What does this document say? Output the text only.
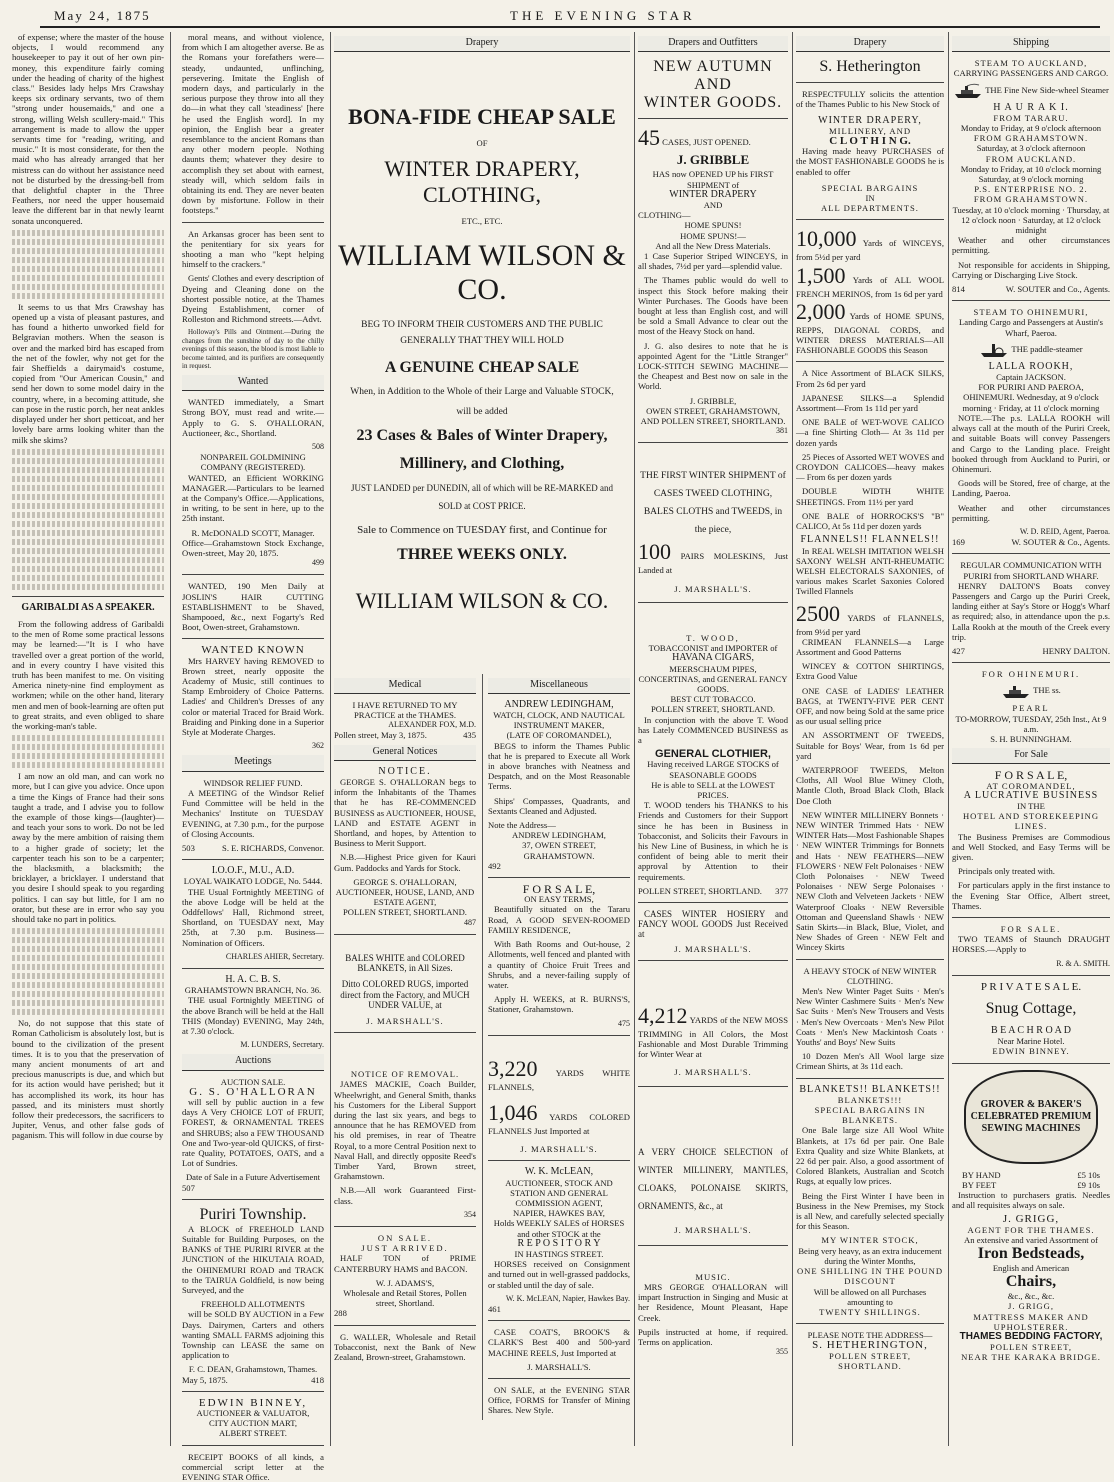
May 24, 1875	THE EVENING STAR

of expense; where the master of the house objects, I would recommend any housekeeper to pay it out of her own pin-money, this expenditure fairly coming under the heading of charity of the highest class." Besides lady helps Mrs Crawshay keeps six ordinary servants, two of them "strong under housemaids," and one a strong, willing Welsh scullery-maid." This arrangement is made to allow the upper servants time for "reading, writing, and music." It is most considerate, for then the maid who has already arranged that her mistress can do without her assistance need not be disturbed by the dressing-bell from that delightful chapter in the Three Feathers, nor need the upper housemaid leave the different bar in that newly learnt sonata unconquered.

It seems to us that Mrs Crawshay has opened up a vista of pleasant pastures, and has found a hitherto unworked field for Belgravian mothers. When the season is over and the marked bird has escaped from the net of the fowler, why not get for the fair Sheffields a dairymaid's costume, copied from "Our American Cousin," and send her down to some model dairy in the country, where, in a becoming attitude, she can pose in the rustic porch, her neat ankles displayed under her short petticoat, and her lovely bare arms looking whiter than the milk she skims?

GARIBALDI AS A SPEAKER.

From the following address of Garibaldi to the men of Rome some practical lessons may be learned:—"It is I who have travelled over a great portion of the world, and in every country I have visited this truth has been manifest to me. On visiting America ninety-nine find employment as workmen; while on the other hand, literary men and men of book-learning are often put to great straits, and even obliged to share the working-man's table.

I am now an old man, and can work no more, but I can give you advice. Once upon a time the Kings of France had their sons taught a trade, and I advise you to follow the example of those kings—(laughter)—and teach your sons to work. Do not be led away by the mere ambition of raising them to a higher grade of society; let the carpenter teach his son to be a carpenter; the blacksmith, a blacksmith; the bricklayer, a bricklayer. I understand that you desire I should speak to you regarding politics. I can say but little, for I am no orator, but these are in error who say you should take no part in politics.

No, do not suppose that this state of Roman Catholicism is absolutely lost, but is bound to the civilization of the present times. It is to you that the preservation of many ancient monuments of art and precious manuscripts is due, and which but for its action would have perished; but it has accomplished its work, its hour has passed, and its ministers must shortly follow their predecessors, the sacrificers to Jupiter, Venus, and other false gods of paganism. This will follow in due course by

moral means, and without violence, from which I am altogether averse. Be as the Romans your forefathers were—steady, undaunted, unflinching, persevering. Imitate the English of modern days, and particularly in the serious purpose they throw into all they do—in what they call 'steadiness' [here he used the English word]. In my opinion, the English bear a greater resemblance to the ancient Romans than any other modern people. Nothing daunts them; whatever they desire to accomplish they set about with earnest, steady will, which seldom fails in obtaining its end. They are never beaten down by misfortune. Follow in their footsteps."

An Arkansas grocer has been sent to the penitentiary for six years for shooting a man who "kept helping himself to the crackers."

Gents' Clothes and every description of Dyeing and Cleaning done on the shortest possible notice, at the Thames Dyeing Establishment, corner of Rolleston and Richmond streets.—Advt.

Holloway's Pills and Ointment.—During the changes from the sunshine of day to the chilly evenings of this season, the blood is most liable to become tainted, and its purifiers are consequently in request.

Wanted

WANTED immediately, a Smart Strong BOY, must read and write.—Apply to G. S. O'HALLORAN, Auctioneer, &c., Shortland.

508
NONPAREIL GOLDMINING COMPANY (REGISTERED).

WANTED, an Efficient WORKING MANAGER.—Particulars to be learned at the Company's Office.—Applications, in writing, to be sent in here, up to the 25th instant.

R. McDONALD SCOTT, Manager.
Office—Grahamstown Stock Exchange, Owen-street, May 20, 1875.
499

WANTED, 190 Men Daily at JOSLIN'S HAIR CUTTING ESTABLISHMENT to be Shaved, Shampooed, &c., next Fogarty's Red Boot, Owen-street, Grahamstown.

WANTED KNOWN

Mrs HARVEY having REMOVED to Brown street, nearly opposite the Academy of Music, still continues to Stamp Embroidery of Choice Patterns. Ladies' and Children's Dresses of any color or material Traced for Braid Work. Braiding and Pinking done in a Superior Style at Moderate Charges.

362
Meetings
WINDSOR RELIEF FUND.

A MEETING of the Windsor Relief Fund Committee will be held in the Mechanics' Institute on TUESDAY EVENING, at 7.30 p.m., for the purpose of Closing Accounts.

503	S. E. RICHARDS, Convenor.
I.O.O.F., M.U., A.D.
LOYAL WAIKATO LODGE, No. 5444.

THE Usual Fortnightly MEETING of the above Lodge will be held at the Oddfellows' Hall, Richmond street, Shortland, on TUESDAY next, May 25th, at 7.30 p.m. Business—Nomination of Officers.

CHARLES AHIER, Secretary.
H. A. C. B. S.
GRAHAMSTOWN BRANCH, No. 36.

THE usual Fortnightly MEETING of the above Branch will be held at the Hall THIS (Monday) EVENING, May 24th, at 7.30 o'clock.

M. LUNDERS, Secretary.
Auctions
AUCTION SALE.
G. S. O'HALLORAN

will sell by public auction in a few days A Very CHOICE LOT of FRUIT, FOREST, & ORNAMENTAL TREES and SHRUBS; also a FEW THOUSAND One and Two-year-old QUICKS, of first-rate Quality, POTATOES, OATS, and a Lot of Sundries.

Date of Sale in a Future Advertisement
507
Puriri Township.

A BLOCK of FREEHOLD LAND Suitable for Building Purposes, on the BANKS of THE PURIRI RIVER at the JUNCTION of the HIKUTAIA ROAD, the OHINEMURI ROAD and TRACK to the TAIRUA Goldfield, is now being Surveyed, and the

FREEHOLD ALLOTMENTS

will be SOLD BY AUCTION in a Few Days. Dairymen, Carters and others wanting SMALL FARMS adjoining this Township can LEASE the same on application to

F. C. DEAN, Grahamstown, Thames.
May 5, 1875.	418
EDWIN BINNEY,
AUCTIONEER & VALUATOR,
CITY AUCTION MART,
ALBERT STREET.

RECEIPT BOOKS of all kinds, a commercial script letter at the EVENING STAR Office.

Drapery
BONA-FIDE CHEAP SALE
OF
WINTER DRAPERY, CLOTHING,
ETC., ETC.
WILLIAM WILSON & CO.
BEG TO INFORM THEIR CUSTOMERS AND THE PUBLIC GENERALLY THAT THEY WILL HOLD
A GENUINE CHEAP SALE
When, in Addition to the Whole of their Large and Valuable STOCK,
will be added
23 Cases & Bales of Winter Drapery,
Millinery, and Clothing,
JUST LANDED per DUNEDIN, all of which will be RE-MARKED and
SOLD at COST PRICE.
Sale to Commence on TUESDAY first, and Continue for
THREE WEEKS ONLY.
WILLIAM WILSON & CO.
Medical
I HAVE RETURNED TO MY PRACTICE at the THAMES.
ALEXANDER FOX, M.D.
Pollen street, May 3, 1875.	435
General Notices
NOTICE.

GEORGE S. O'HALLORAN begs to inform the Inhabitants of the Thames that he has RE-COMMENCED BUSINESS as AUCTIONEER, HOUSE, LAND and ESTATE AGENT in Shortland, and hopes, by Attention to Business to Merit Support.

N.B.—Highest Price given for Kauri Gum. Paddocks and Yards for Stock.

GEORGE S. O'HALLORAN,
AUCTIONEER, HOUSE, LAND, AND ESTATE AGENT,
POLLEN STREET, SHORTLAND.
487
BALES WHITE and COLORED BLANKETS, in All Sizes.
Ditto COLORED RUGS, imported direct from the Factory, and MUCH UNDER VALUE, at
J. MARSHALL'S.
NOTICE OF REMOVAL.

JAMES MACKIE, Coach Builder, Wheelwright, and General Smith, thanks his Customers for the Liberal Support during the last six years, and begs to announce that he has REMOVED from his old premises, in rear of Theatre Royal, to a more Central Position next to Naval Hall, and directly opposite Reed's Timber Yard, Brown street, Grahamstown.

N.B.—All work Guaranteed First-class.

354
ON SALE.
JUST ARRIVED.

HALF TON of PRIME CANTERBURY HAMS and BACON.

W. J. ADAMS'S,
Wholesale and Retail Stores, Pollen street, Shortland.
288

G. WALLER, Wholesale and Retail Tobacconist, next the Bank of New Zealand, Brown-street, Grahamstown.

Miscellaneous
ANDREW LEDINGHAM,
WATCH, CLOCK, AND NAUTICAL INSTRUMENT MAKER,
(LATE OF COROMANDEL),

BEGS to inform the Thames Public that he is prepared to Execute all Work in above branches with Neatness and Despatch, and on the Most Reasonable Terms.

Ships' Compasses, Quadrants, and Sextants Cleaned and Adjusted.

Note the Address—
ANDREW LEDINGHAM,
37, OWEN STREET,
GRAHAMSTOWN.
492
F O R S A L E,
ON EASY TERMS,

Beautifully situated on the Tararu Road, A GOOD SEVEN-ROOMED FAMILY RESIDENCE,

With Bath Rooms and Out-house, 2 Allotments, well fenced and planted with a quantity of Choice Fruit Trees and Shrubs, and a never-failing supply of water.

Apply H. WEEKS, at R. BURNS'S, Stationer, Grahamstown.

475
3,220 YARDS WHITE FLANNELS,
1,046 YARDS COLORED FLANNELS Just Imported at
J. MARSHALL'S.
W. K. McLEAN,
AUCTIONEER, STOCK AND STATION AND GENERAL COMMISSION AGENT,
NAPIER, HAWKES BAY,
Holds WEEKLY SALES of HORSES and other STOCK at the
R E P O S I T O R Y
IN HASTINGS STREET.

HORSES received on Consignment and turned out in well-grassed paddocks, or stabled until the day of sale.

W. K. McLEAN, Napier, Hawkes Bay.
461

CASE COAT'S, BROOK'S & CLARK'S Best 400 and 500-yard MACHINE REELS, Just Imported at

J. MARSHALL'S.

ON SALE, at the EVENING STAR Office, FORMS for Transfer of Mining Shares. New Style.

Drapers and Outfitters
NEW AUTUMN AND
WINTER GOODS.
45 CASES, JUST OPENED.
J. GRIBBLE
HAS now OPENED UP his FIRST SHIPMENT of
WINTER DRAPERY
AND
CLOTHING—
HOME SPUNS!
HOME SPUNS!—
And all the New Dress Materials.

1 Case Superior Striped WINCEYS, in all shades, 7½d per yard—splendid value.

The Thames public would do well to inspect this Stock before making their Winter Purchases. The Goods have been bought at less than English cost, and will be sold a Small Advance to clear out the most of the Heavy Stock on hand.

J. G. also desires to note that he is appointed Agent for the "Little Stranger" LOCK-STITCH SEWING MACHINE—the Cheapest and Best now on sale in the World.

J. GRIBBLE,
OWEN STREET, GRAHAMSTOWN,
AND POLLEN STREET, SHORTLAND.
381
THE FIRST WINTER SHIPMENT of
CASES TWEED CLOTHING,
BALES CLOTHS and TWEEDS, in the piece,
100 PAIRS MOLESKINS, Just Landed at
J. MARSHALL'S.
T. WOOD,
TOBACCONIST and IMPORTER of
HAVANA CIGARS,
MEERSCHAUM PIPES, CONCERTINAS, and GENERAL FANCY GOODS.
BEST CUT TOBACCO.
POLLEN STREET, SHORTLAND.

In conjunction with the above T. Wood has Lately COMMENCED BUSINESS as a

GENERAL CLOTHIER,
Having received LARGE STOCKS of SEASONABLE GOODS
He is able to SELL at the LOWEST PRICES.

T. WOOD tenders his THANKS to his Friends and Customers for their Support since he has been in Business in Tobacconist, and Solicits their Favours in his New Line of Business, in which he is confident of being able to merit their approval by Attention to their requirements.

POLLEN STREET, SHORTLAND. 377

CASES WINTER HOSIERY and FANCY WOOL GOODS Just Received at

J. MARSHALL'S.
4,212 YARDS of the NEW MOSS TRIMMING in All Colors, the Most Fashionable and Most Durable Trimming for Winter Wear at
J. MARSHALL'S.
A VERY CHOICE SELECTION of WINTER MILLINERY, MANTLES, CLOAKS, POLONAISE SKIRTS, ORNAMENTS, &c., at
J. MARSHALL'S.
MUSIC.

MRS GEORGE O'HALLORAN will impart Instruction in Singing and Music at her Residence, Mount Pleasant, Hape Creek.

Pupils instructed at home, if required. Terms on application.
355
Drapery
S. Hetherington

RESPECTFULLY solicits the attention of the Thames Public to his New Stock of

WINTER DRAPERY,
MILLINERY, AND
C L O T H I N G.

Having made heavy PURCHASES of the MOST FASHIONABLE GOODS he is enabled to offer

SPECIAL BARGAINS
IN
ALL DEPARTMENTS.
10,000 Yards of WINCEYS, from 5½d per yard
1,500 Yards of ALL WOOL FRENCH MERINOS, from 1s 6d per yard
2,000 Yards of HOME SPUNS, REPPS, DIAGONAL CORDS, and WINTER DRESS MATERIALS—All FASHIONABLE GOODS this Season

A Nice Assortment of BLACK SILKS, From 2s 6d per yard

JAPANESE SILKS—a Splendid Assortment—From 1s 11d per yard

ONE BALE of WET-WOVE CALICO —a fine Shirting Cloth— At 3s 11d per dozen yards

25 Pieces of Assorted WET WOVES and CROYDON CALICOES—heavy makes— From 6s per dozen yards

DOUBLE WIDTH WHITE SHEETINGS. From 11½ per yard

ONE BALE of HORROCKS'S "B" CALICO, At 5s 11d per dozen yards

FLANNELS!! FLANNELS!!

In REAL WELSH IMITATION WELSH SAXONY WELSH ANTI-RHEUMATIC WELSH ELECTORALS SAXONIES, of various makes Scarlet Saxonies Colored Twilled Flannels

2500 YARDS of FLANNELS, from 9½d per yard

CRIMEAN FLANNELS—a Large Assortment and Good Patterns

WINCEY & COTTON SHIRTINGS, Extra Good Value

ONE CASE of LADIES' LEATHER BAGS, at TWENTY-FIVE PER CENT OFF, and now being Sold at the same price as our usual selling price

AN ASSORTMENT OF TWEEDS, Suitable for Boys' Wear, from 1s 6d per yard

WATERPROOF TWEEDS, Melton Cloths, All Wool Blue Witney Cloth, Mantle Cloth, Broad Black Cloth, Black Doe Cloth

NEW WINTER MILLINERY Bonnets · NEW WINTER Trimmed Hats · NEW WINTER Hats—Most Fashionable Shapes · NEW WINTER Trimmings for Bonnets and Hats · NEW FEATHERS—NEW FLOWERS · NEW Felt Polonaises · NEW Cloth Polonaises · NEW Tweed Polonaises · NEW Serge Polonaises · NEW Cloth and Velveteen Jackets · NEW Waterproof Cloaks · NEW Reversible Ottoman and Queensland Shawls · NEW Satin Skirts—in Black, Blue, Violet, and New Shades of Green · NEW Felt and Wincey Skirts

A HEAVY STOCK of NEW WINTER CLOTHING.

Men's New Winter Paget Suits · Men's New Winter Cashmere Suits · Men's New Sac Suits · Men's New Trousers and Vests · Men's New Overcoats · Men's New Pilot Coats · Men's New Mackintosh Coats · Youths' and Boys' New Suits

10 Dozen Men's All Wool large size Crimean Shirts, at 3s 11d each.

BLANKETS!! BLANKETS!!
BLANKETS!!!
SPECIAL BARGAINS IN BLANKETS.

One Bale large size All Wool White Blankets, at 17s 6d per pair. One Bale Extra Quality and size White Blankets, at 22 6d per pair. Also, a good assortment of Colored Blankets, Australian and Scotch Rugs, at equally low prices.

Being the First Winter I have been in Business in the New Premises, my Stock is all New, and carefully selected specially for this Season.

MY WINTER STOCK,
Being very heavy, as an extra inducement during the Winter Months,
ONE SHILLING IN THE POUND DISCOUNT
Will be allowed on all Purchases amounting to
TWENTY SHILLINGS.
PLEASE NOTE THE ADDRESS—
S. HETHERINGTON,
POLLEN STREET,
SHORTLAND.
Shipping
STEAM TO AUCKLAND,
CARRYING PASSENGERS AND CARGO.
THE Fine New Side-wheel Steamer
H A U R A K I.
FROM TARARU.
Monday to Friday, at 9 o'clock afternoon
FROM GRAHAMSTOWN.
Saturday, at 3 o'clock afternoon
FROM AUCKLAND.
Monday to Friday, at 10 o'clock morning
Saturday, at 9 o'clock morning
P.S. ENTERPRISE NO. 2.
FROM GRAHAMSTOWN.
Tuesday, at 10 o'clock morning · Thursday, at 12 o'clock noon · Saturday, at 12 o'clock midnight

Weather and other circumstances permitting.

Not responsible for accidents in Shipping, Carrying or Discharging Live Stock.

814	W. SOUTER and Co., Agents.
STEAM TO OHINEMURI,
Landing Cargo and Passengers at Austin's Wharf, Paeroa.
THE paddle-steamer
LALLA ROOKH,
Captain JACKSON.
FOR PURIRI AND PAEROA, OHINEMURI. Wednesday, at 9 o'clock morning · Friday, at 11 o'clock morning

NOTE.—The p.s. LALLA ROOKH will always call at the mouth of the Puriri Creek, and suitable Boats will convey Passengers and Cargo to the Landing place. Freight booked through from Auckland to Puriri, or Ohinemuri.

Goods will be Stored, free of charge, at the Landing, Paeroa.

Weather and other circumstances permitting.

W. D. REID, Agent, Paeroa.
169	W. SOUTER & Co., Agents.
REGULAR COMMUNICATION WITH PURIRI from SHORTLAND WHARF.

HENRY DALTON'S Boats convey Passengers and Cargo up the Puriri Creek, landing either at Say's Store or Hogg's Wharf as required; also, in attendance upon the p.s. Lalla Rookh at the mouth of the Creek every trip.

427	HENRY DALTON.
FOR OHINEMURI.
THE ss.
PEARL
TO-MORROW, TUESDAY, 25th Inst., At 9 a.m.
S. H. BUNNINGHAM.
For Sale
F O R S A L E,
AT COROMANDEL,
A LUCRATIVE BUSINESS
IN THE
HOTEL AND STOREKEEPING LINES.

The Business Premises are Commodious and Well Stocked, and Easy Terms will be given.

Principals only treated with.

For particulars apply in the first instance to the Evening Star Office, Albert street, Thames.

FOR SALE.

TWO TEAMS of Staunch DRAUGHT HORSES.—Apply to

R. & A. SMITH.
P R I V A T E S A L E.
Snug Cottage,
B E A C H R O A D
Near Marine Hotel.
EDWIN BINNEY.
GROVER & BAKER'S CELEBRATED PREMIUM SEWING MACHINES
BY HAND	£5 10s
BY FEET	£9 10s

Instruction to purchasers gratis. Needles and all requisites always on sale.

J. GRIGG,
AGENT FOR THE THAMES.
An extensive and varied Assortment of
Iron Bedsteads,
English and American
Chairs,
&c., &c., &c.
J. GRIGG,
MATTRESS MAKER AND UPHOLSTERER.
THAMES BEDDING FACTORY,
POLLEN STREET,
NEAR THE KARAKA BRIDGE.
